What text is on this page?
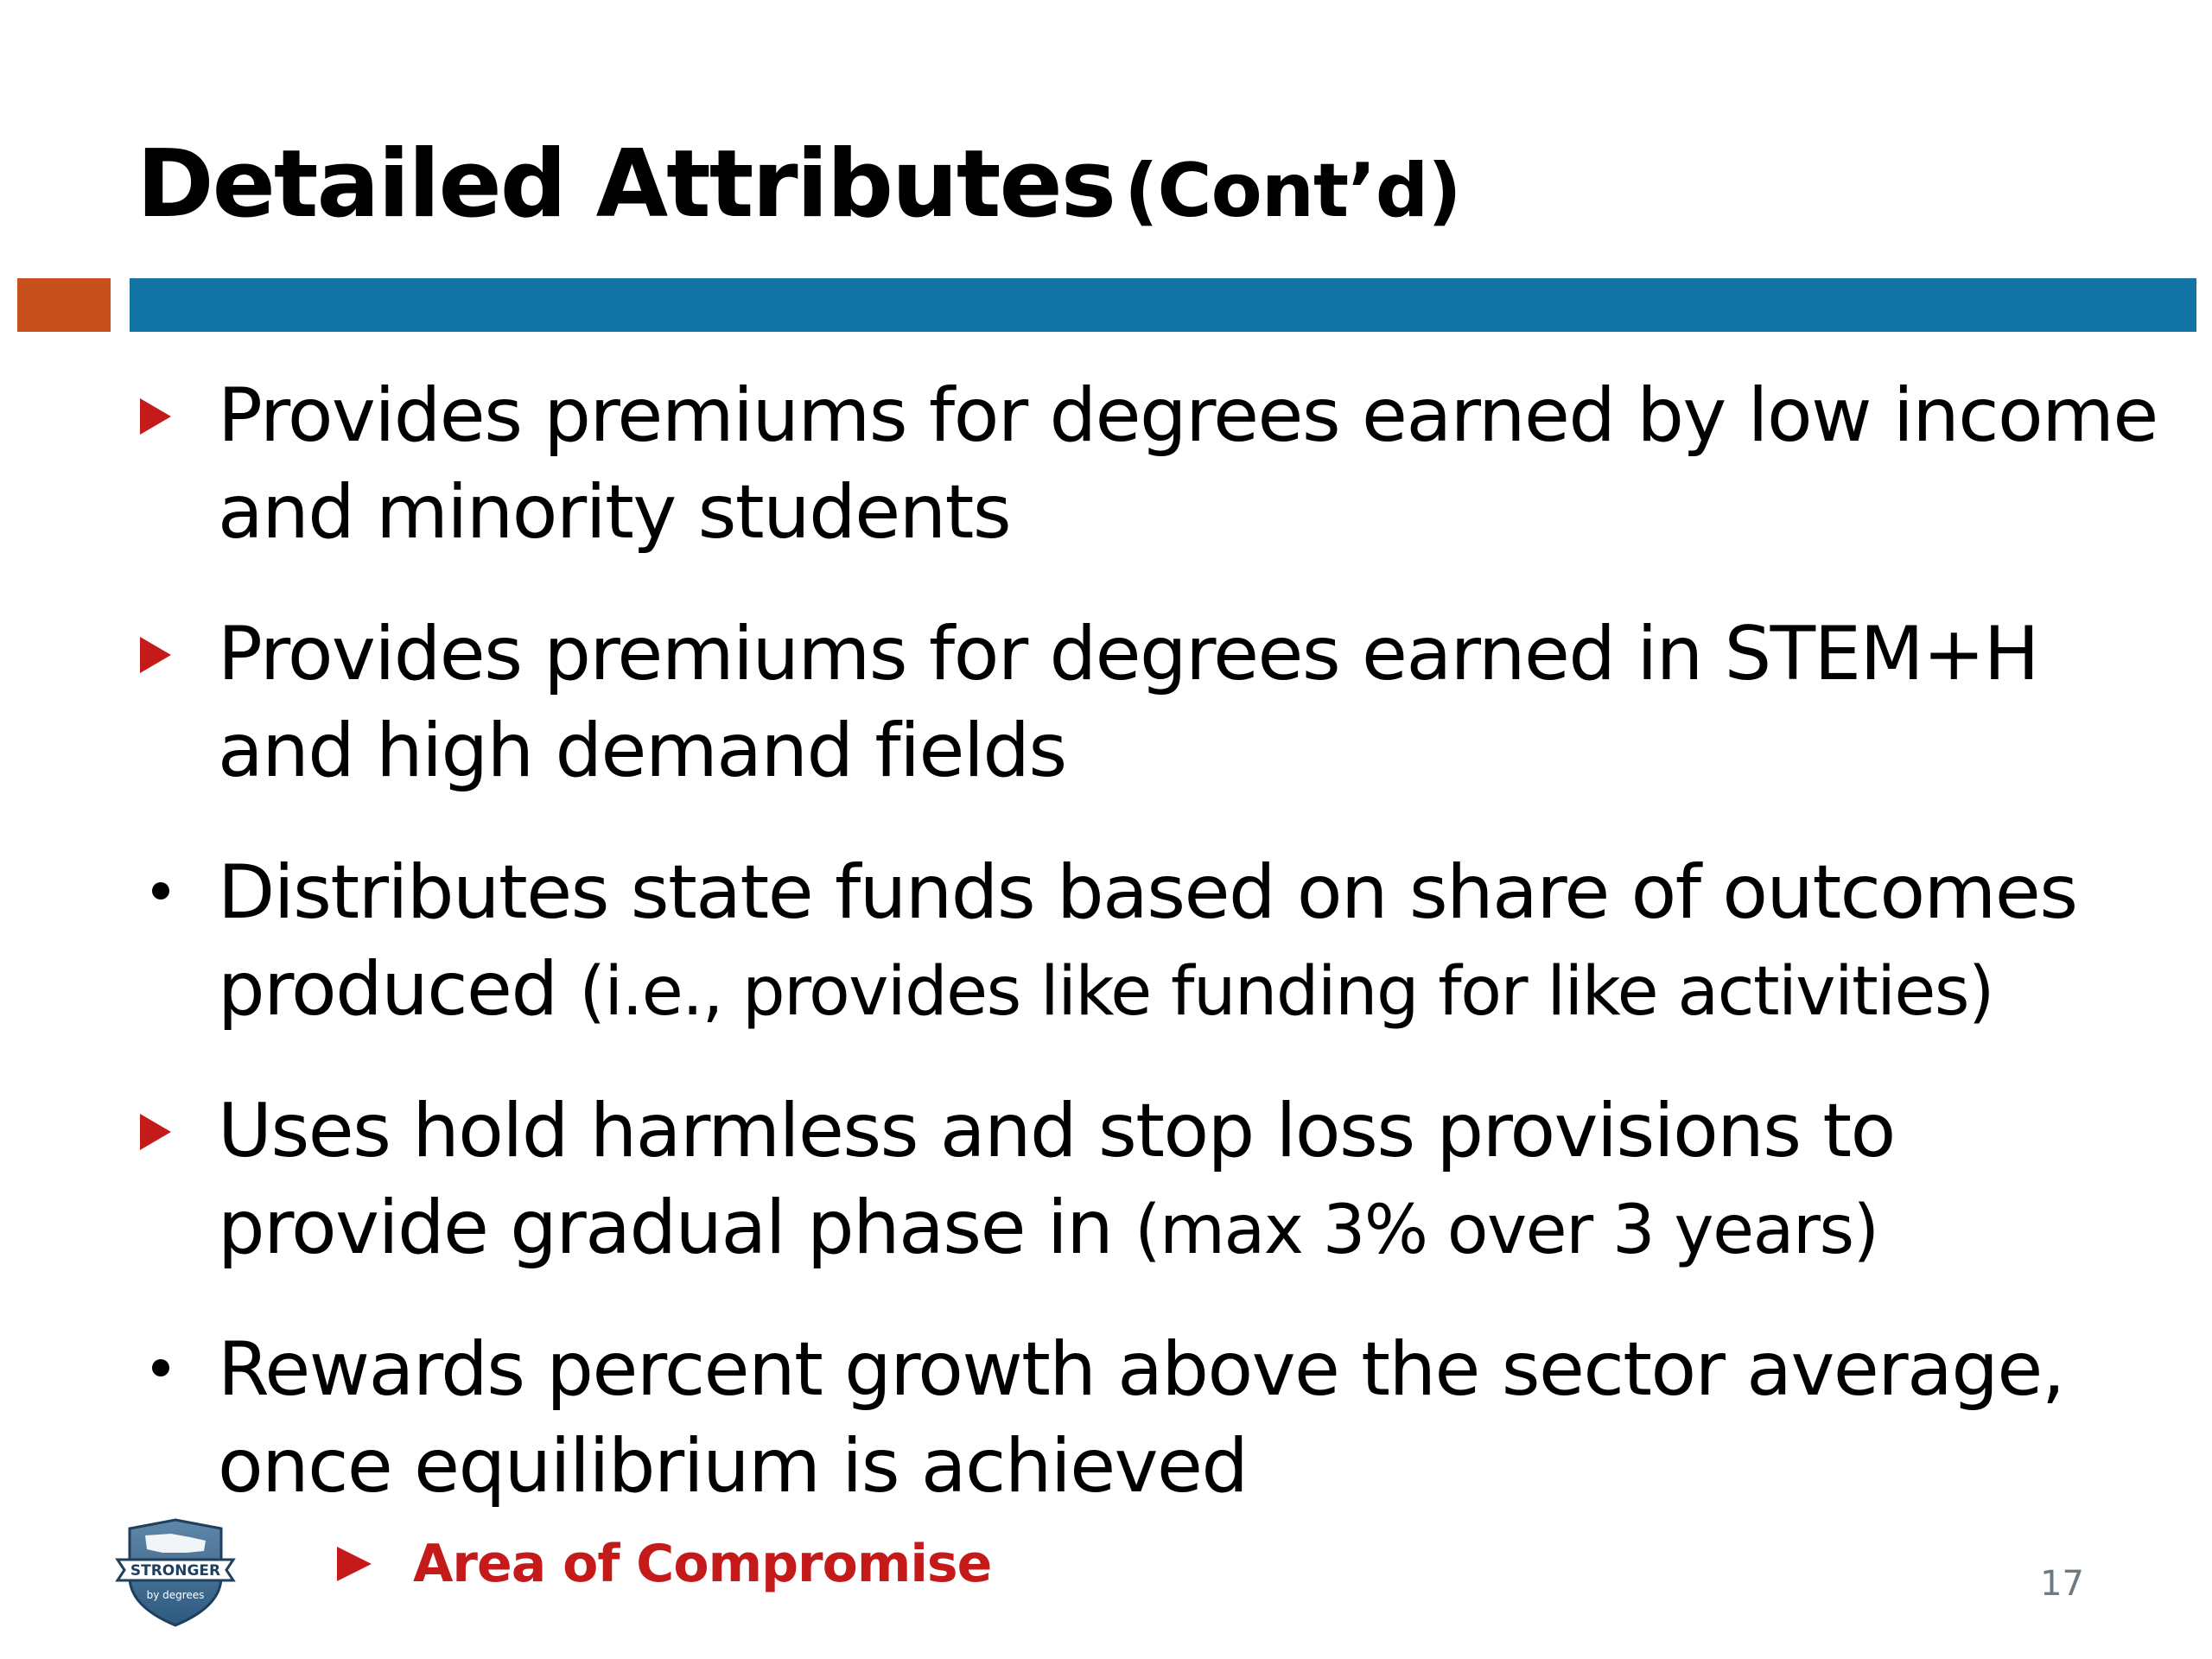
Detailed Attributes (Cont’d)

Provides premiums for degrees earned by low income and minority students

Provides premiums for degrees earned in STEM+H and high demand fields

Distributes state funds based on share of outcomes produced (i.e., provides like funding for like activities)

Uses hold harmless and stop loss provisions to provide gradual phase in (max 3% over 3 years)

Rewards percent growth above the sector average, once equilibrium is achieved

STRONGER
by degrees
Area of Compromise	17
